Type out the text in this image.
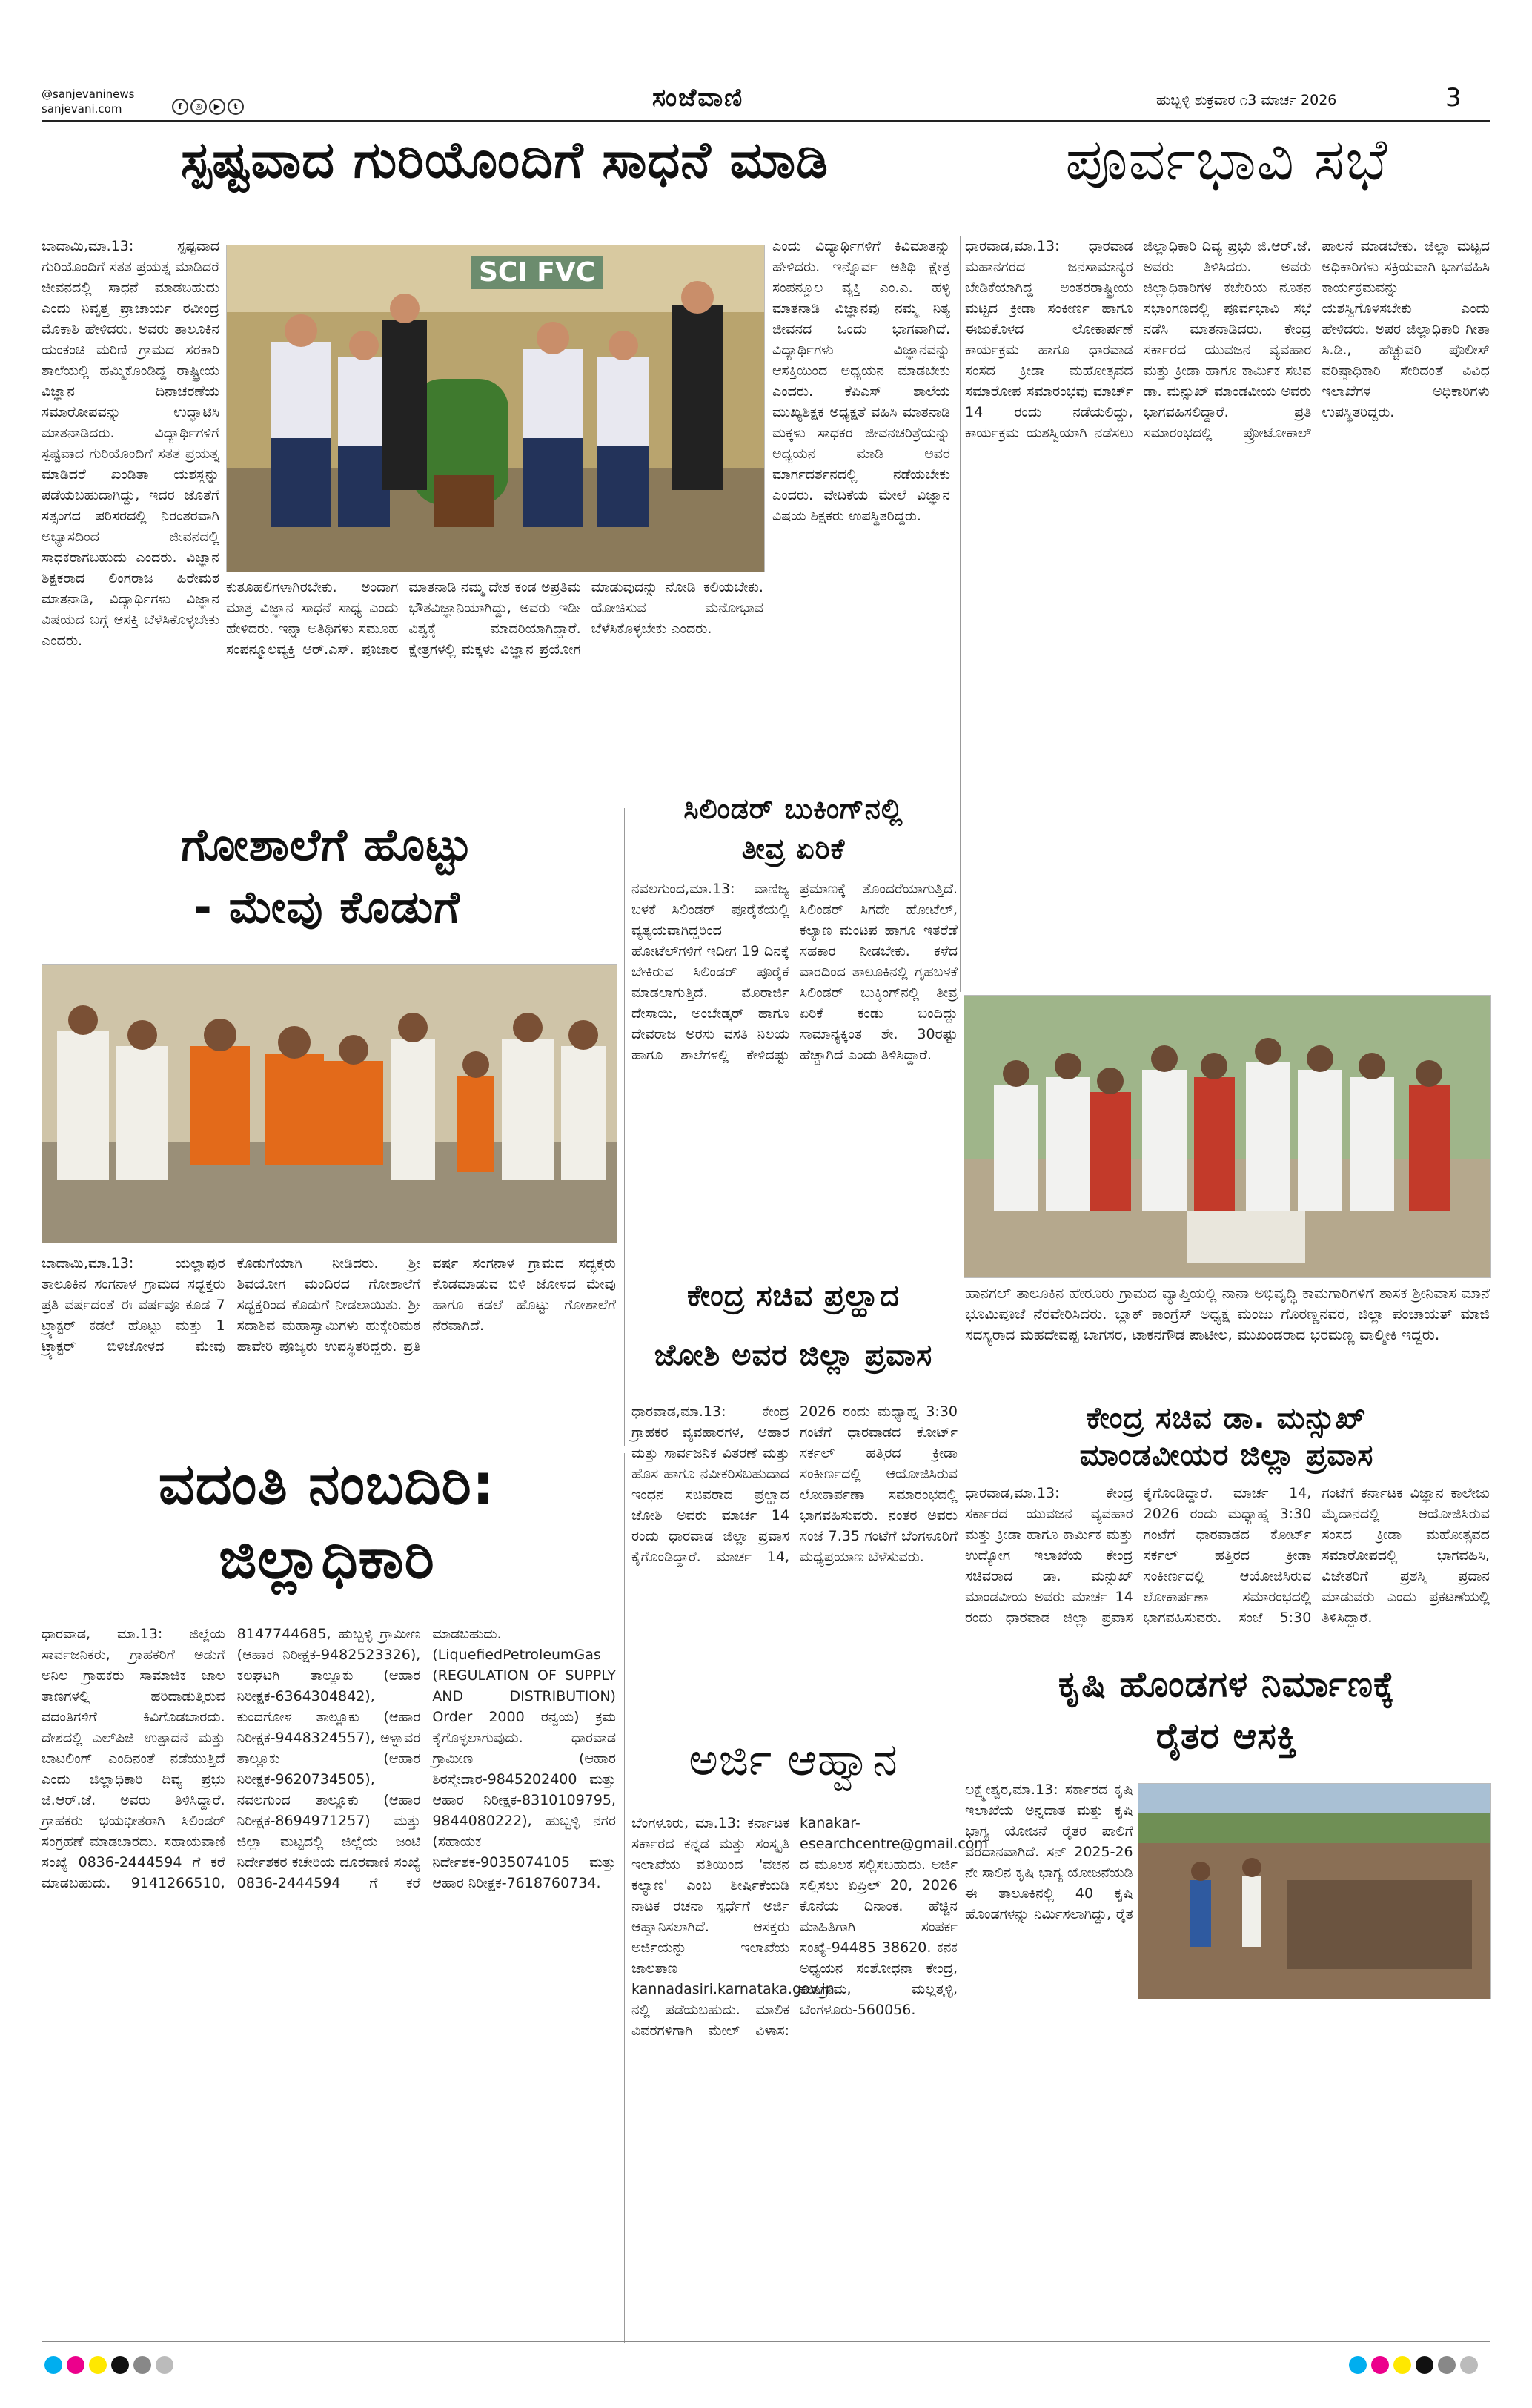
@sanjevaninews
sanjevani.com	f ◎ ▶ t	ಸಂಜೆವಾಣಿ	ಹುಬ್ಬಳ್ಳಿ ಶುಕ್ರವಾರ ೧3 ಮಾರ್ಚ 2026	3
ಸ್ಪಷ್ಟವಾದ ಗುರಿಯೊಂದಿಗೆ ಸಾಧನೆ ಮಾಡಿ	ಪೂರ್ವಭಾವಿ ಸಭೆ
ಬಾದಾಮಿ,ಮಾ.13: ಸ್ಪಷ್ಟವಾದ ಗುರಿಯೊಂದಿಗೆ ಸತತ ಪ್ರಯತ್ನ ಮಾಡಿದರೆ ಜೀವನದಲ್ಲಿ ಸಾಧನೆ ಮಾಡಬಹುದು ಎಂದು ನಿವೃತ್ತ ಪ್ರಾಚಾರ್ಯ ರವೀಂದ್ರ ಮೊಕಾಶಿ ಹೇಳಿದರು. ಅವರು ತಾಲೂಕಿನ ಯಂಕಂಚಿ ಮರಿಣಿ ಗ್ರಾಮದ ಸರಕಾರಿ ಶಾಲೆಯಲ್ಲಿ ಹಮ್ಮಿಕೊಂಡಿದ್ದ ರಾಷ್ಟ್ರೀಯ ವಿಜ್ಞಾನ ದಿನಾಚರಣೆಯ ಸಮಾರೋಪವನ್ನು ಉದ್ಘಾಟಿಸಿ ಮಾತನಾಡಿದರು. ವಿದ್ಯಾರ್ಥಿಗಳಿಗೆ ಸ್ಪಷ್ಟವಾದ ಗುರಿಯೊಂದಿಗೆ ಸತತ ಪ್ರಯತ್ನ ಮಾಡಿದರೆ ಖಂಡಿತಾ ಯಶಸ್ಸನ್ನು ಪಡೆಯಬಹುದಾಗಿದ್ದು, ಇದರ ಜೊತೆಗೆ ಸತ್ಸಂಗದ ಪರಿಸರದಲ್ಲಿ ನಿರಂತರವಾಗಿ ಅಭ್ಯಾಸದಿಂದ ಜೀವನದಲ್ಲಿ ಸಾಧಕರಾಗಬಹುದು ಎಂದರು. ವಿಜ್ಞಾನ ಶಿಕ್ಷಕರಾದ ಲಿಂಗರಾಜ ಹಿರೇಮಠ ಮಾತನಾಡಿ, ವಿದ್ಯಾರ್ಥಿಗಳು ವಿಜ್ಞಾನ ವಿಷಯದ ಬಗ್ಗೆ ಆಸಕ್ತಿ ಬೆಳೆಸಿಕೊಳ್ಳಬೇಕು ಎಂದರು.
SCI FVC
ಕುತೂಹಲಿಗಳಾಗಿರಬೇಕು. ಅಂದಾಗ ಮಾತ್ರ ವಿಜ್ಞಾನ ಸಾಧನೆ ಸಾಧ್ಯ ಎಂದು ಹೇಳಿದರು. ಇನ್ನಾ ಅತಿಥಿಗಳು ಸಮೂಹ ಸಂಪನ್ಮೂಲವ್ಯಕ್ತಿ ಆರ್.ಎಸ್. ಪೂಜಾರ ಮಾತನಾಡಿ ನಮ್ಮ ದೇಶ ಕಂಡ ಅಪ್ರತಿಮ ಭೌತವಿಜ್ಞಾನಿಯಾಗಿದ್ದು, ಅವರು ಇಡೀ ವಿಶ್ವಕ್ಕೆ ಮಾದರಿಯಾಗಿದ್ದಾರೆ. ಕ್ಷೇತ್ರಗಳಲ್ಲಿ ಮಕ್ಕಳು ವಿಜ್ಞಾನ ಪ್ರಯೋಗ ಮಾಡುವುದನ್ನು ನೋಡಿ ಕಲಿಯಬೇಕು. ಯೋಚಿಸುವ ಮನೋಭಾವ ಬೆಳೆಸಿಕೊಳ್ಳಬೇಕು ಎಂದರು.
ಎಂದು ವಿದ್ಯಾರ್ಥಿಗಳಿಗೆ ಕಿವಿಮಾತನ್ನು ಹೇಳಿದರು. ಇನ್ನೊರ್ವ ಅತಿಥಿ ಕ್ಷೇತ್ರ ಸಂಪನ್ಮೂಲ ವ್ಯಕ್ತಿ ಎಂ.ಎ. ಹಳ್ಳಿ ಮಾತನಾಡಿ ವಿಜ್ಞಾನವು ನಮ್ಮ ನಿತ್ಯ ಜೀವನದ ಒಂದು ಭಾಗವಾಗಿದೆ. ವಿದ್ಯಾರ್ಥಿಗಳು ವಿಜ್ಞಾನವನ್ನು ಆಸಕ್ತಿಯಿಂದ ಅಧ್ಯಯನ ಮಾಡಬೇಕು ಎಂದರು. ಕೆಪಿಎಸ್ ಶಾಲೆಯ ಮುಖ್ಯಶಿಕ್ಷಕ ಅಧ್ಯಕ್ಷತೆ ವಹಿಸಿ ಮಾತನಾಡಿ ಮಕ್ಕಳು ಸಾಧಕರ ಜೀವನಚರಿತ್ರೆಯನ್ನು ಅಧ್ಯಯನ ಮಾಡಿ ಅವರ ಮಾರ್ಗದರ್ಶನದಲ್ಲಿ ನಡೆಯಬೇಕು ಎಂದರು. ವೇದಿಕೆಯ ಮೇಲೆ ವಿಜ್ಞಾನ ವಿಷಯ ಶಿಕ್ಷಕರು ಉಪಸ್ಥಿತರಿದ್ದರು.
ಗೋಶಾಲೆಗೆ ಹೊಟ್ಟು
- ಮೇವು ಕೊಡುಗೆ
ಬಾದಾಮಿ,ಮಾ.13: ಯಲ್ಲಾಪುರ ತಾಲೂಕಿನ ಸಂಗನಾಳ ಗ್ರಾಮದ ಸದ್ಭಕ್ತರು ಪ್ರತಿ ವರ್ಷದಂತೆ ಈ ವರ್ಷವೂ ಕೂಡ 7 ಟ್ರ್ಯಾಕ್ಟರ್ ಕಡಲೆ ಹೊಟ್ಟು ಮತ್ತು 1 ಟ್ರ್ಯಾಕ್ಟರ್ ಬಿಳಿಜೋಳದ ಮೇವು ಕೊಡುಗೆಯಾಗಿ ನೀಡಿದರು. ಶ್ರೀ ಶಿವಯೋಗ ಮಂದಿರದ ಗೋಶಾಲೆಗೆ ಸದ್ಭಕ್ತರಿಂದ ಕೊಡುಗೆ ನೀಡಲಾಯಿತು. ಶ್ರೀ ಸದಾಶಿವ ಮಹಾಸ್ವಾಮಿಗಳು ಹುಕ್ಕೇರಿಮಠ ಹಾವೇರಿ ಪೂಜ್ಯರು ಉಪಸ್ಥಿತರಿದ್ದರು. ಪ್ರತಿ ವರ್ಷ ಸಂಗನಾಳ ಗ್ರಾಮದ ಸದ್ಭಕ್ತರು ಕೊಡಮಾಡುವ ಬಿಳಿ ಜೋಳದ ಮೇವು ಹಾಗೂ ಕಡಲೆ ಹೊಟ್ಟು ಗೋಶಾಲೆಗೆ ನೆರವಾಗಿದೆ.
ಸಿಲಿಂಡರ್ ಬುಕಿಂಗ್‌ನಲ್ಲಿ
ತೀವ್ರ ಏರಿಕೆ
ನವಲಗುಂದ,ಮಾ.13: ವಾಣಿಜ್ಯ ಬಳಕೆ ಸಿಲಿಂಡರ್ ಪೂರೈಕೆಯಲ್ಲಿ ವ್ಯತ್ಯಯವಾಗಿದ್ದರಿಂದ ಹೋಟೆಲ್‌ಗಳಿಗೆ ಇದೀಗ 19 ದಿನಕ್ಕೆ ಬೇಕಿರುವ ಸಿಲಿಂಡರ್ ಪೂರೈಕೆ ಮಾಡಲಾಗುತ್ತಿದೆ. ಮೊರಾರ್ಜಿ ದೇಸಾಯಿ, ಅಂಬೇಡ್ಕರ್ ಹಾಗೂ ದೇವರಾಜ ಅರಸು ವಸತಿ ನಿಲಯ ಹಾಗೂ ಶಾಲೆಗಳಲ್ಲಿ ಕೇಳಿದಷ್ಟು ಪ್ರಮಾಣಕ್ಕೆ ತೊಂದರೆಯಾಗುತ್ತಿದೆ. ಸಿಲಿಂಡರ್ ಸಿಗದೇ ಹೋಟೆಲ್, ಕಲ್ಯಾಣ ಮಂಟಪ ಹಾಗೂ ಇತರೆಡೆ ಸಹಕಾರ ನೀಡಬೇಕು. ಕಳೆದ ವಾರದಿಂದ ತಾಲೂಕಿನಲ್ಲಿ ಗೃಹಬಳಕೆ ಸಿಲಿಂಡರ್ ಬುಕ್ಕಿಂಗ್‌ನಲ್ಲಿ ತೀವ್ರ ಏರಿಕೆ ಕಂಡು ಬಂದಿದ್ದು ಸಾಮಾನ್ಯಕ್ಕಿಂತ ಶೇ. 30ರಷ್ಟು ಹೆಚ್ಚಾಗಿದೆ ಎಂದು ತಿಳಿಸಿದ್ದಾರೆ.
ಕೇಂದ್ರ ಸಚಿವ ಪ್ರಲ್ಹಾದ
ಜೋಶಿ ಅವರ ಜಿಲ್ಲಾ ಪ್ರವಾಸ
ಧಾರವಾಡ,ಮಾ.13: ಕೇಂದ್ರ ಗ್ರಾಹಕರ ವ್ಯವಹಾರಗಳ, ಆಹಾರ ಮತ್ತು ಸಾರ್ವಜನಿಕ ವಿತರಣೆ ಮತ್ತು ಹೊಸ ಹಾಗೂ ನವೀಕರಿಸಬಹುದಾದ ಇಂಧನ ಸಚಿವರಾದ ಪ್ರಲ್ಹಾದ ಜೋಶಿ ಅವರು ಮಾರ್ಚ 14 ರಂದು ಧಾರವಾಡ ಜಿಲ್ಲಾ ಪ್ರವಾಸ ಕೈಗೊಂಡಿದ್ದಾರೆ. ಮಾರ್ಚ 14, 2026 ರಂದು ಮಧ್ಯಾಹ್ನ 3:30 ಗಂಟೆಗೆ ಧಾರವಾಡದ ಕೋರ್ಟ್ ಸರ್ಕಲ್ ಹತ್ತಿರದ ಕ್ರೀಡಾ ಸಂಕೀರ್ಣದಲ್ಲಿ ಆಯೋಜಿಸಿರುವ ಲೋಕಾರ್ಪಣಾ ಸಮಾರಂಭದಲ್ಲಿ ಭಾಗವಹಿಸುವರು. ನಂತರ ಅವರು ಸಂಜೆ 7.35 ಗಂಟೆಗೆ ಬೆಂಗಳೂರಿಗೆ ಮಧ್ಯಪ್ರಯಾಣ ಬೆಳೆಸುವರು.
ವದಂತಿ ನಂಬದಿರಿ:
ಜಿಲ್ಲಾಧಿಕಾರಿ
ಧಾರವಾಡ, ಮಾ.13: ಜಿಲ್ಲೆಯ ಸಾರ್ವಜನಿಕರು, ಗ್ರಾಹಕರಿಗೆ ಅಡುಗೆ ಅನಿಲ ಗ್ರಾಹಕರು ಸಾಮಾಜಿಕ ಜಾಲ ತಾಣಗಳಲ್ಲಿ ಹರಿದಾಡುತ್ತಿರುವ ವದಂತಿಗಳಿಗೆ ಕಿವಿಗೊಡಬಾರದು. ದೇಶದಲ್ಲಿ ಎಲ್‌ಪಿಜಿ ಉತ್ಪಾದನೆ ಮತ್ತು ಬಾಟಲಿಂಗ್ ಎಂದಿನಂತೆ ನಡೆಯುತ್ತಿದೆ ಎಂದು ಜಿಲ್ಲಾಧಿಕಾರಿ ದಿವ್ಯ ಪ್ರಭು ಜಿ.ಆರ್.ಜೆ. ಅವರು ತಿಳಿಸಿದ್ದಾರೆ. ಗ್ರಾಹಕರು ಭಯಭೀತರಾಗಿ ಸಿಲಿಂಡರ್ ಸಂಗ್ರಹಣೆ ಮಾಡಬಾರದು. ಸಹಾಯವಾಣಿ ಸಂಖ್ಯೆ 0836-2444594 ಗೆ ಕರೆ ಮಾಡಬಹುದು. 9141266510, 8147744685, ಹುಬ್ಬಳ್ಳಿ ಗ್ರಾಮೀಣ (ಆಹಾರ ನಿರೀಕ್ಷಕ-9482523326), ಕಲಘಟಗಿ ತಾಲ್ಲೂಕು (ಆಹಾರ ನಿರೀಕ್ಷಕ-6364304842), ಕುಂದಗೋಳ ತಾಲ್ಲೂಕು (ಆಹಾರ ನಿರೀಕ್ಷಕ-9448324557), ಅಳ್ನಾವರ ತಾಲ್ಲೂಕು (ಆಹಾರ ನಿರೀಕ್ಷಕ-9620734505), ನವಲಗುಂದ ತಾಲ್ಲೂಕು (ಆಹಾರ ನಿರೀಕ್ಷಕ-8694971257) ಮತ್ತು ಜಿಲ್ಲಾ ಮಟ್ಟದಲ್ಲಿ ಜಿಲ್ಲೆಯ ಜಂಟಿ ನಿರ್ದೇಶಕರ ಕಚೇರಿಯ ದೂರವಾಣಿ ಸಂಖ್ಯೆ 0836-2444594 ಗೆ ಕರೆ ಮಾಡಬಹುದು. (LiquefiedPetroleumGas (REGULATION OF SUPPLY AND DISTRIBUTION) Order 2000 ರನ್ವಯ) ಕ್ರಮ ಕೈಗೊಳ್ಳಲಾಗುವುದು. ಧಾರವಾಡ ಗ್ರಾಮೀಣ (ಆಹಾರ ಶಿರಸ್ತೇದಾರ-9845202400 ಮತ್ತು ಆಹಾರ ನಿರೀಕ್ಷಕ-8310109795, 9844080222), ಹುಬ್ಬಳ್ಳಿ ನಗರ (ಸಹಾಯಕ ನಿರ್ದೇಶಕ-9035074105 ಮತ್ತು ಆಹಾರ ನಿರೀಕ್ಷಕ-7618760734.
ಅರ್ಜಿ ಆಹ್ವಾನ
ಬೆಂಗಳೂರು, ಮಾ.13: ಕರ್ನಾಟಕ ಸರ್ಕಾರದ ಕನ್ನಡ ಮತ್ತು ಸಂಸ್ಕೃತಿ ಇಲಾಖೆಯ ವತಿಯಿಂದ 'ವಚನ ಕಲ್ಯಾಣ' ಎಂಬ ಶೀರ್ಷಿಕೆಯಡಿ ನಾಟಕ ರಚನಾ ಸ್ಪರ್ಧೆಗೆ ಅರ್ಜಿ ಆಹ್ವಾನಿಸಲಾಗಿದೆ. ಆಸಕ್ತರು ಅರ್ಜಿಯನ್ನು ಇಲಾಖೆಯ ಜಾಲತಾಣ kannadasiri.karnataka.gov.in ನಲ್ಲಿ ಪಡೆಯಬಹುದು. ಮಾಲಿಕ ವಿವರಗಳಿಗಾಗಿ ಮೇಲ್ ವಿಳಾಸ: kanakar-esearchcentre@gmail.com ದ ಮೂಲಕ ಸಲ್ಲಿಸಬಹುದು. ಅರ್ಜಿ ಸಲ್ಲಿಸಲು ಏಪ್ರಿಲ್ 20, 2026 ಕೊನೆಯ ದಿನಾಂಕ. ಹೆಚ್ಚಿನ ಮಾಹಿತಿಗಾಗಿ ಸಂಪರ್ಕ ಸಂಖ್ಯೆ-94485 38620. ಕನಕ ಅಧ್ಯಯನ ಸಂಶೋಧನಾ ಕೇಂದ್ರ, ಕಲಾಗ್ರಾಮ, ಮಲ್ಲತ್ತಳ್ಳಿ, ಬೆಂಗಳೂರು-560056.
ಧಾರವಾಡ,ಮಾ.13: ಧಾರವಾಡ ಮಹಾನಗರದ ಜನಸಾಮಾನ್ಯರ ಬೇಡಿಕೆಯಾಗಿದ್ದ ಅಂತರರಾಷ್ಟ್ರೀಯ ಮಟ್ಟದ ಕ್ರೀಡಾ ಸಂಕೀರ್ಣ ಹಾಗೂ ಈಜುಕೊಳದ ಲೋಕಾರ್ಪಣೆ ಕಾರ್ಯಕ್ರಮ ಹಾಗೂ ಧಾರವಾಡ ಸಂಸದ ಕ್ರೀಡಾ ಮಹೋತ್ಸವದ ಸಮಾರೋಪ ಸಮಾರಂಭವು ಮಾರ್ಚ್ 14 ರಂದು ನಡೆಯಲಿದ್ದು, ಕಾರ್ಯಕ್ರಮ ಯಶಸ್ವಿಯಾಗಿ ನಡೆಸಲು ಜಿಲ್ಲಾಧಿಕಾರಿ ದಿವ್ಯ ಪ್ರಭು ಜಿ.ಆರ್.ಜೆ. ಅವರು ತಿಳಿಸಿದರು. ಅವರು ಜಿಲ್ಲಾಧಿಕಾರಿಗಳ ಕಚೇರಿಯ ನೂತನ ಸಭಾಂಗಣದಲ್ಲಿ ಪೂರ್ವಭಾವಿ ಸಭೆ ನಡೆಸಿ ಮಾತನಾಡಿದರು. ಕೇಂದ್ರ ಸರ್ಕಾರದ ಯುವಜನ ವ್ಯವಹಾರ ಮತ್ತು ಕ್ರೀಡಾ ಹಾಗೂ ಕಾರ್ಮಿಕ ಸಚಿವ ಡಾ. ಮನ್ಸುಖ್ ಮಾಂಡವೀಯ ಅವರು ಭಾಗವಹಿಸಲಿದ್ದಾರೆ. ಪ್ರತಿ ಸಮಾರಂಭದಲ್ಲಿ ಪ್ರೋಟೋಕಾಲ್ ಪಾಲನೆ ಮಾಡಬೇಕು. ಜಿಲ್ಲಾ ಮಟ್ಟದ ಅಧಿಕಾರಿಗಳು ಸಕ್ರಿಯವಾಗಿ ಭಾಗವಹಿಸಿ ಕಾರ್ಯಕ್ರಮವನ್ನು ಯಶಸ್ವಿಗೊಳಿಸಬೇಕು ಎಂದು ಹೇಳಿದರು. ಅಪರ ಜಿಲ್ಲಾಧಿಕಾರಿ ಗೀತಾ ಸಿ.ಡಿ., ಹೆಚ್ಚುವರಿ ಪೊಲೀಸ್ ವರಿಷ್ಠಾಧಿಕಾರಿ ಸೇರಿದಂತೆ ವಿವಿಧ ಇಲಾಖೆಗಳ ಅಧಿಕಾರಿಗಳು ಉಪಸ್ಥಿತರಿದ್ದರು.
ಹಾನಗಲ್ ತಾಲೂಕಿನ ಹೇರೂರು ಗ್ರಾಮದ ವ್ಯಾಪ್ತಿಯಲ್ಲಿ ನಾನಾ ಅಭಿವೃದ್ಧಿ ಕಾಮಗಾರಿಗಳಿಗೆ ಶಾಸಕ ಶ್ರೀನಿವಾಸ ಮಾನೆ ಭೂಮಿಪೂಜೆ ನೆರವೇರಿಸಿದರು. ಬ್ಲಾಕ್ ಕಾಂಗ್ರೆಸ್ ಅಧ್ಯಕ್ಷ ಮಂಜು ಗೊರಣ್ಣನವರ, ಜಿಲ್ಲಾ ಪಂಚಾಯತ್ ಮಾಜಿ ಸದಸ್ಯರಾದ ಮಹದೇವಪ್ಪ ಬಾಗಸರ, ಟಾಕನಗೌಡ ಪಾಟೀಲ, ಮುಖಂಡರಾದ ಭರಮಣ್ಣ ವಾಲ್ಮೀಕಿ ಇದ್ದರು.
ಕೇಂದ್ರ ಸಚಿವ ಡಾ. ಮನ್ಸುಖ್
ಮಾಂಡವೀಯರ ಜಿಲ್ಲಾ ಪ್ರವಾಸ
ಧಾರವಾಡ,ಮಾ.13: ಕೇಂದ್ರ ಸರ್ಕಾರದ ಯುವಜನ ವ್ಯವಹಾರ ಮತ್ತು ಕ್ರೀಡಾ ಹಾಗೂ ಕಾರ್ಮಿಕ ಮತ್ತು ಉದ್ಯೋಗ ಇಲಾಖೆಯ ಕೇಂದ್ರ ಸಚಿವರಾದ ಡಾ. ಮನ್ಸುಖ್ ಮಾಂಡವೀಯ ಅವರು ಮಾರ್ಚ 14 ರಂದು ಧಾರವಾಡ ಜಿಲ್ಲಾ ಪ್ರವಾಸ ಕೈಗೊಂಡಿದ್ದಾರೆ. ಮಾರ್ಚ 14, 2026 ರಂದು ಮಧ್ಯಾಹ್ನ 3:30 ಗಂಟೆಗೆ ಧಾರವಾಡದ ಕೋರ್ಟ್ ಸರ್ಕಲ್ ಹತ್ತಿರದ ಕ್ರೀಡಾ ಸಂಕೀರ್ಣದಲ್ಲಿ ಆಯೋಜಿಸಿರುವ ಲೋಕಾರ್ಪಣಾ ಸಮಾರಂಭದಲ್ಲಿ ಭಾಗವಹಿಸುವರು. ಸಂಜೆ 5:30 ಗಂಟೆಗೆ ಕರ್ನಾಟಕ ವಿಜ್ಞಾನ ಕಾಲೇಜು ಮೈದಾನದಲ್ಲಿ ಆಯೋಜಿಸಿರುವ ಸಂಸದ ಕ್ರೀಡಾ ಮಹೋತ್ಸವದ ಸಮಾರೋಪದಲ್ಲಿ ಭಾಗವಹಿಸಿ, ವಿಜೇತರಿಗೆ ಪ್ರಶಸ್ತಿ ಪ್ರದಾನ ಮಾಡುವರು ಎಂದು ಪ್ರಕಟಣೆಯಲ್ಲಿ ತಿಳಿಸಿದ್ದಾರೆ.
ಕೃಷಿ ಹೊಂಡಗಳ ನಿರ್ಮಾಣಕ್ಕೆ
ರೈತರ ಆಸಕ್ತಿ
ಲಕ್ಷ್ಮೇಶ್ವರ,ಮಾ.13: ಸರ್ಕಾರದ ಕೃಷಿ ಇಲಾಖೆಯ ಅನ್ನದಾತ ಮತ್ತು ಕೃಷಿ ಭಾಗ್ಯ ಯೋಜನೆ ರೈತರ ಪಾಲಿಗೆ ವರದಾನವಾಗಿದೆ. ಸನ್ 2025-26 ನೇ ಸಾಲಿನ ಕೃಷಿ ಭಾಗ್ಯ ಯೋಜನೆಯಡಿ ಈ ತಾಲೂಕಿನಲ್ಲಿ 40 ಕೃಷಿ ಹೊಂಡಗಳನ್ನು ನಿರ್ಮಿಸಲಾಗಿದ್ದು, ರೈತ
